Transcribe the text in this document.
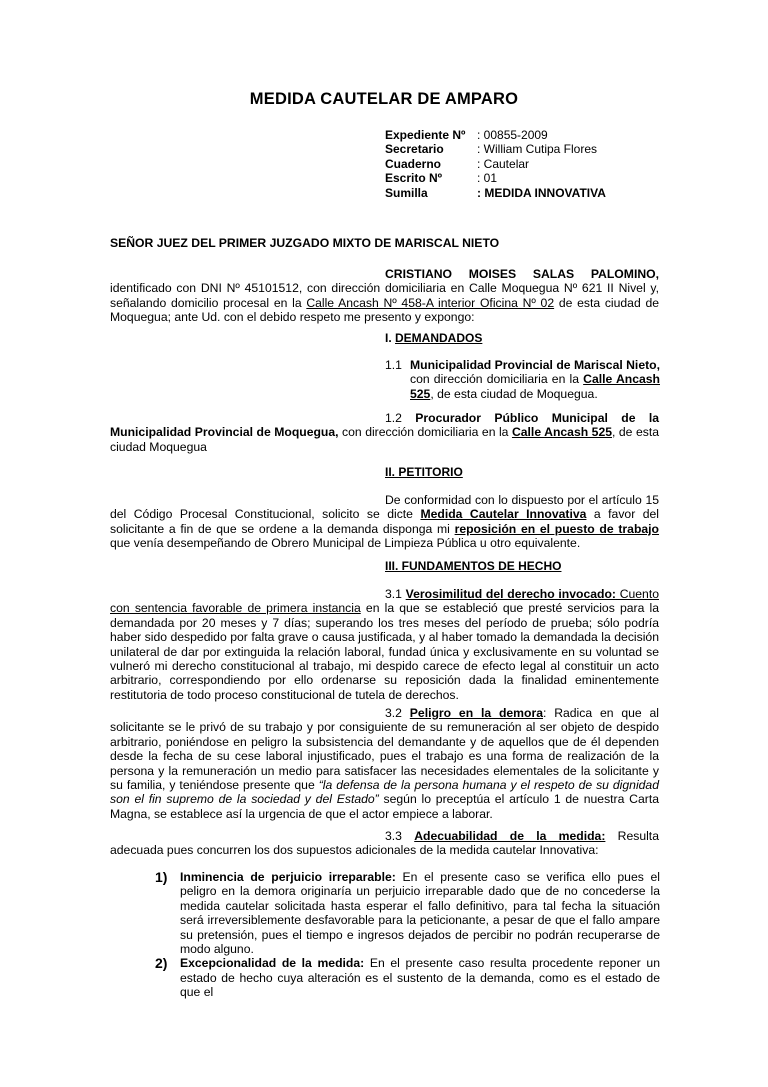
MEDIDA CAUTELAR DE AMPARO
Expediente Nº : 00855-2009
Secretario	: William Cutipa Flores
Cuaderno	: Cautelar
Escrito Nº	: 01
Sumilla	: MEDIDA INNOVATIVA
SEÑOR JUEZ DEL PRIMER JUZGADO MIXTO DE MARISCAL NIETO

CRISTIANO MOISES SALAS PALOMINO, identificado con DNI Nº 45101512, con dirección domiciliaria en Calle Moquegua Nº 621 II Nivel y, señalando domicilio procesal en la Calle Ancash Nº 458-A interior Oficina Nº 02 de esta ciudad de Moquegua; ante Ud. con el debido respeto me presento y expongo:

I. DEMANDADOS
1.1 Municipalidad Provincial de Mariscal Nieto, con dirección domiciliaria en la Calle Ancash 525, de esta ciudad de Moquegua.

1.2 Procurador Público Municipal de la Municipalidad Provincial de Moquegua, con dirección domiciliaria en la Calle Ancash 525, de esta ciudad Moquegua

II. PETITORIO

De conformidad con lo dispuesto por el artículo 15 del Código Procesal Constitucional, solicito se dicte Medida Cautelar Innovativa a favor del solicitante a fin de que se ordene a la demanda disponga mi reposición en el puesto de trabajo que venía desempeñando de Obrero Municipal de Limpieza Pública u otro equivalente.

III. FUNDAMENTOS DE HECHO

3.1 Verosimilitud del derecho invocado: Cuento con sentencia favorable de primera instancia en la que se estableció que presté servicios para la demandada por 20 meses y 7 días; superando los tres meses del período de prueba; sólo podría haber sido despedido por falta grave o causa justificada, y al haber tomado la demandada la decisión unilateral de dar por extinguida la relación laboral, fundad única y exclusivamente en su voluntad se vulneró mi derecho constitucional al trabajo, mi despido carece de efecto legal al constituir un acto arbitrario, correspondiendo por ello ordenarse su reposición dada la finalidad eminentemente restitutoria de todo proceso constitucional de tutela de derechos.

3.2 Peligro en la demora: Radica en que al solicitante se le privó de su trabajo y por consiguiente de su remuneración al ser objeto de despido arbitrario, poniéndose en peligro la subsistencia del demandante y de aquellos que de él dependen desde la fecha de su cese laboral injustificado, pues el trabajo es una forma de realización de la persona y la remuneración un medio para satisfacer las necesidades elementales de la solicitante y su familia, y teniéndose presente que “la defensa de la persona humana y el respeto de su dignidad son el fin supremo de la sociedad y del Estado” según lo preceptúa el artículo 1 de nuestra Carta Magna, se establece así la urgencia de que el actor empiece a laborar.

3.3 Adecuabilidad de la medida: Resulta adecuada pues concurren los dos supuestos adicionales de la medida cautelar Innovativa:

1) Inminencia de perjuicio irreparable: En el presente caso se verifica ello pues el peligro en la demora originaría un perjuicio irreparable dado que de no concederse la medida cautelar solicitada hasta esperar el fallo definitivo, para tal fecha la situación será irreversiblemente desfavorable para la peticionante, a pesar de que el fallo ampare su pretensión, pues el tiempo e ingresos dejados de percibir no podrán recuperarse de modo alguno.
2) Excepcionalidad de la medida: En el presente caso resulta procedente reponer un estado de hecho cuya alteración es el sustento de la demanda, como es el estado de que el
